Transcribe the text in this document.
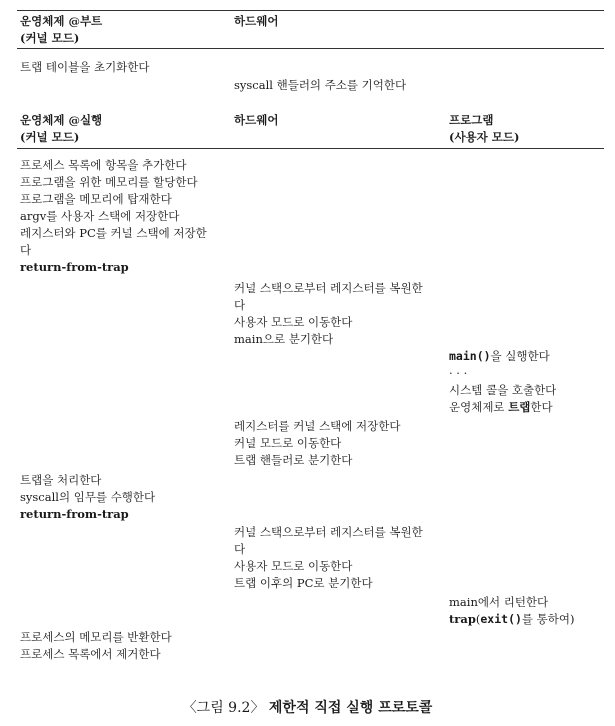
운영체제 @부트
(커널 모드)
하드웨어
트랩 테이블을 초기화한다
syscall 핸들러의 주소를 기억한다
운영체제 @실행
(커널 모드)
하드웨어	프로그램
(사용자 모드)
프로세스 목록에 항목을 추가한다
프로그램을 위한 메모리를 할당한다
프로그램을 메모리에 탑재한다
argv를 사용자 스택에 저장한다
레지스터와 PC를 커널 스택에 저장한
다
return-from-trap
커널 스택으로부터 레지스터를 복원한
다
사용자 모드로 이동한다
main으로 분기한다
main()을 실행한다
· · ·
시스템 콜을 호출한다
운영체제로 트랩한다
레지스터를 커널 스택에 저장한다
커널 모드로 이동한다
트랩 핸들러로 분기한다
트랩을 처리한다
syscall의 임무를 수행한다
return-from-trap
커널 스택으로부터 레지스터를 복원한
다
사용자 모드로 이동한다
트랩 이후의 PC로 분기한다
main에서 리턴한다
trap(exit()를 통하여)
프로세스의 메모리를 반환한다
프로세스 목록에서 제거한다
〈그림 9.2〉 제한적 직접 실행 프로토콜
